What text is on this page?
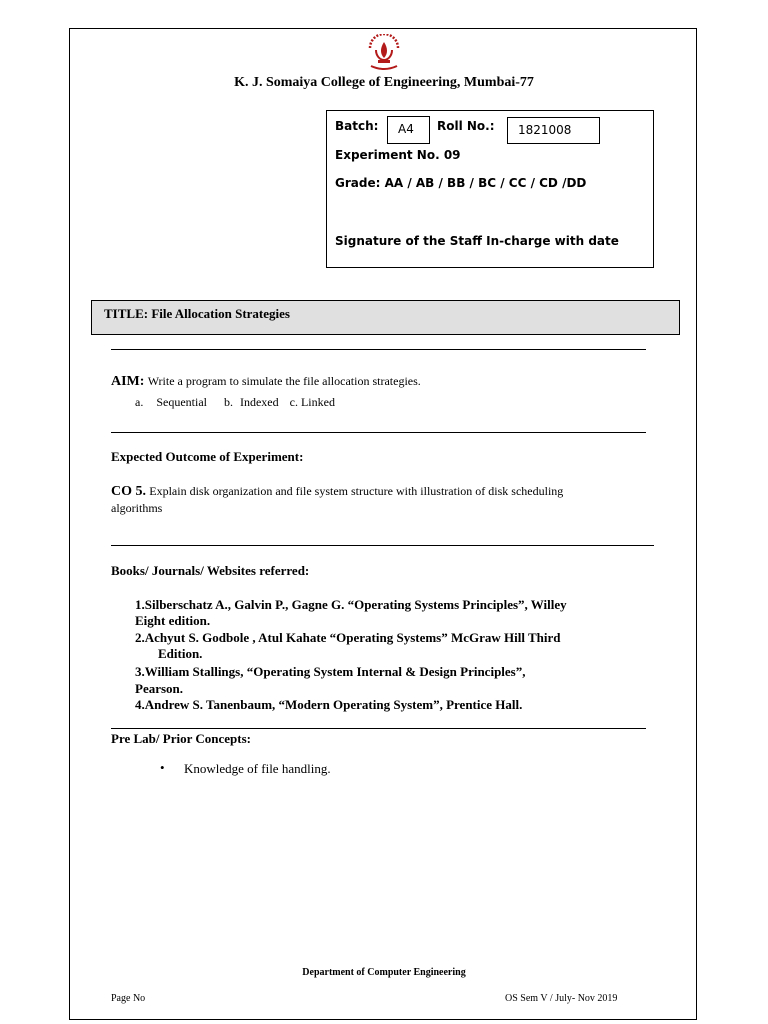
K. J. Somaiya College of Engineering, Mumbai-77
Batch:	A4	Roll No.:	1821008
Experiment No. 09
Grade: AA / AB / BB / BC / CC / CD /DD
Signature of the Staff In-charge with date
TITLE: File Allocation Strategies
AIM: Write a program to simulate the file allocation strategies.
a. Sequential b. Indexed c. Linked
Expected Outcome of Experiment:
CO 5. Explain disk organization and file system structure with illustration of disk scheduling
algorithms
Books/ Journals/ Websites referred:
1.Silberschatz A., Galvin P., Gagne G. “Operating Systems Principles”, Willey
Eight edition.
2.Achyut S. Godbole , Atul Kahate “Operating Systems” McGraw Hill Third
Edition.
3.William Stallings, “Operating System Internal & Design Principles”,
Pearson.
4.Andrew S. Tanenbaum, “Modern Operating System”, Prentice Hall.
Pre Lab/ Prior Concepts:
• Knowledge of file handling.
Department of Computer Engineering
Page No	OS Sem V / July- Nov 2019
